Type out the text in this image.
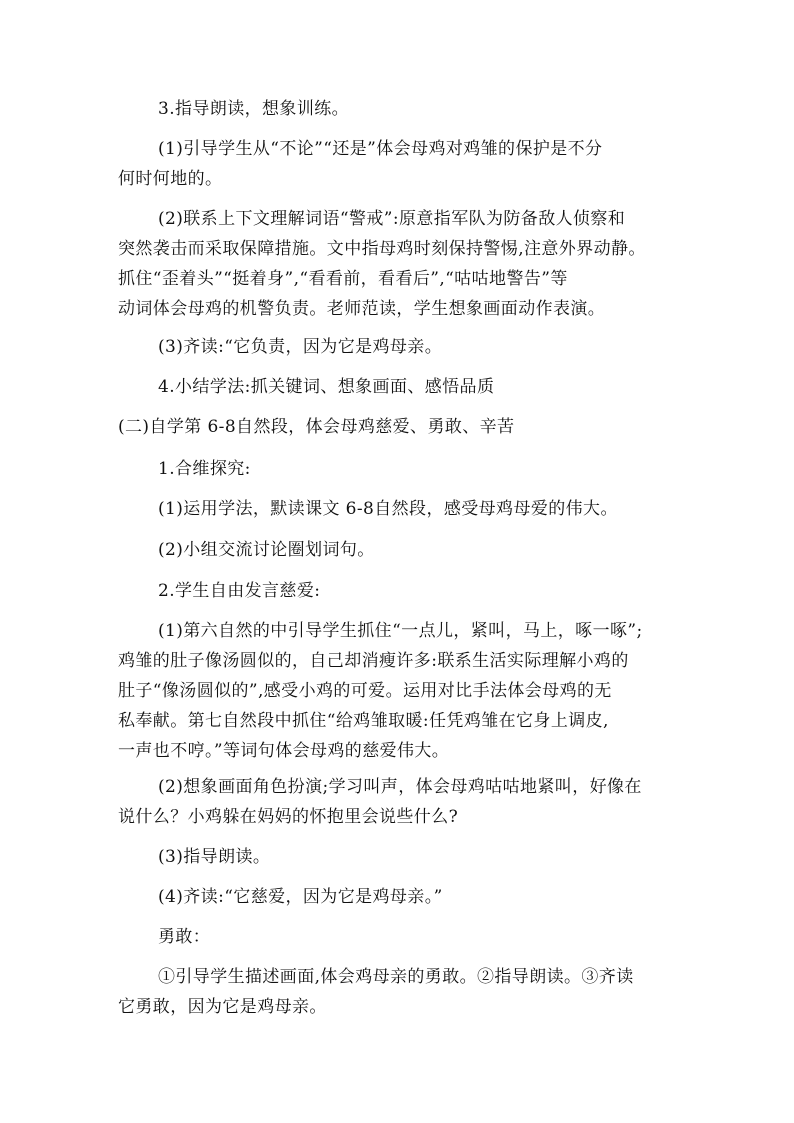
3.指导朗读，想象训练。
(1)引导学生从“不论”“还是”体会母鸡对鸡雏的保护是不分
何时何地的。
(2)联系上下文理解词语“警戒”:原意指军队为防备敌人侦察和
突然袭击而采取保障措施。文中指母鸡时刻保持警惕,注意外界动静。
抓住“歪着头”“挺着身”,“看看前，看看后”,“咕咕地警告”等
动词体会母鸡的机警负责。老师范读，学生想象画面动作表演。
(3)齐读:“它负责，因为它是鸡母亲。
4.小结学法:抓关键词、想象画面、感悟品质
(二)自学第 6-8自然段，体会母鸡慈爱、勇敢、辛苦
1.合维探究:
(1)运用学法，默读课文 6-8自然段，感受母鸡母爱的伟大。
(2)小组交流讨论圈划词句。
2.学生自由发言慈爱:
(1)第六自然的中引导学生抓住“一点儿，紧叫，马上，啄一啄”;
鸡雏的肚子像汤圆似的，自己却消瘦许多:联系生活实际理解小鸡的
肚子“像汤圆似的”,感受小鸡的可爱。运用对比手法体会母鸡的无
私奉献。第七自然段中抓住“给鸡雏取暖:任凭鸡雏在它身上调皮,
一声也不哼。”等词句体会母鸡的慈爱伟大。
(2)想象画面角色扮演;学习叫声，体会母鸡咕咕地紧叫，好像在
说什么？小鸡躲在妈妈的怀抱里会说些什么?
(3)指导朗读。
(4)齐读:“它慈爱，因为它是鸡母亲。”
勇敢：
①引导学生描述画面,体会鸡母亲的勇敢。②指导朗读。③齐读
它勇敢，因为它是鸡母亲。
